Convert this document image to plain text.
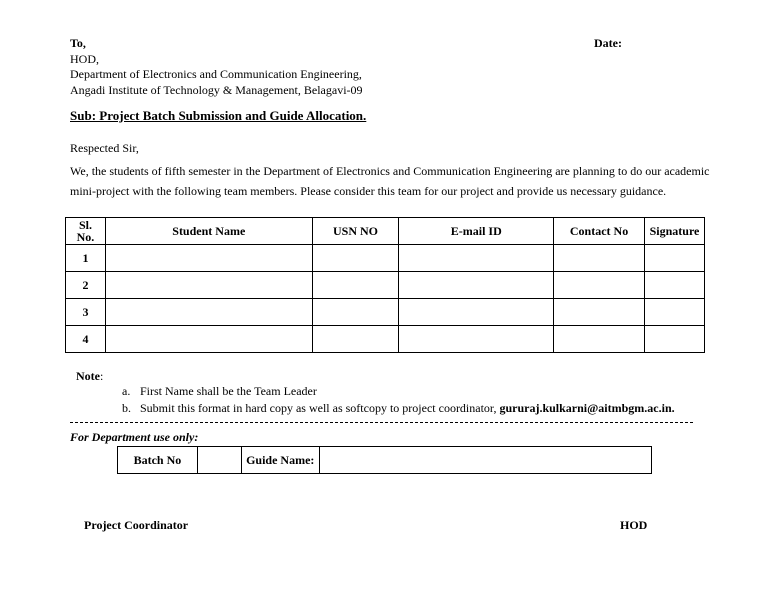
To,
HOD,
Department of Electronics and Communication Engineering,
Angadi Institute of Technology & Management, Belagavi-09
Date:
Sub: Project Batch Submission and Guide Allocation.
Respected Sir,
We, the students of fifth semester in the Department of Electronics and Communication Engineering are planning to do our academic mini-project with the following team members. Please consider this team for our project and provide us necessary guidance.
Sl. No.	Student Name	USN NO	E-mail ID	Contact No	Signature
1					
2					
3					
4					
Note:
a. First Name shall be the Team Leader
b. Submit this format in hard copy as well as softcopy to project coordinator, gururaj.kulkarni@aitmbgm.ac.in.
For Department use only:
Batch No		Guide Name:	
Project Coordinator	HOD
